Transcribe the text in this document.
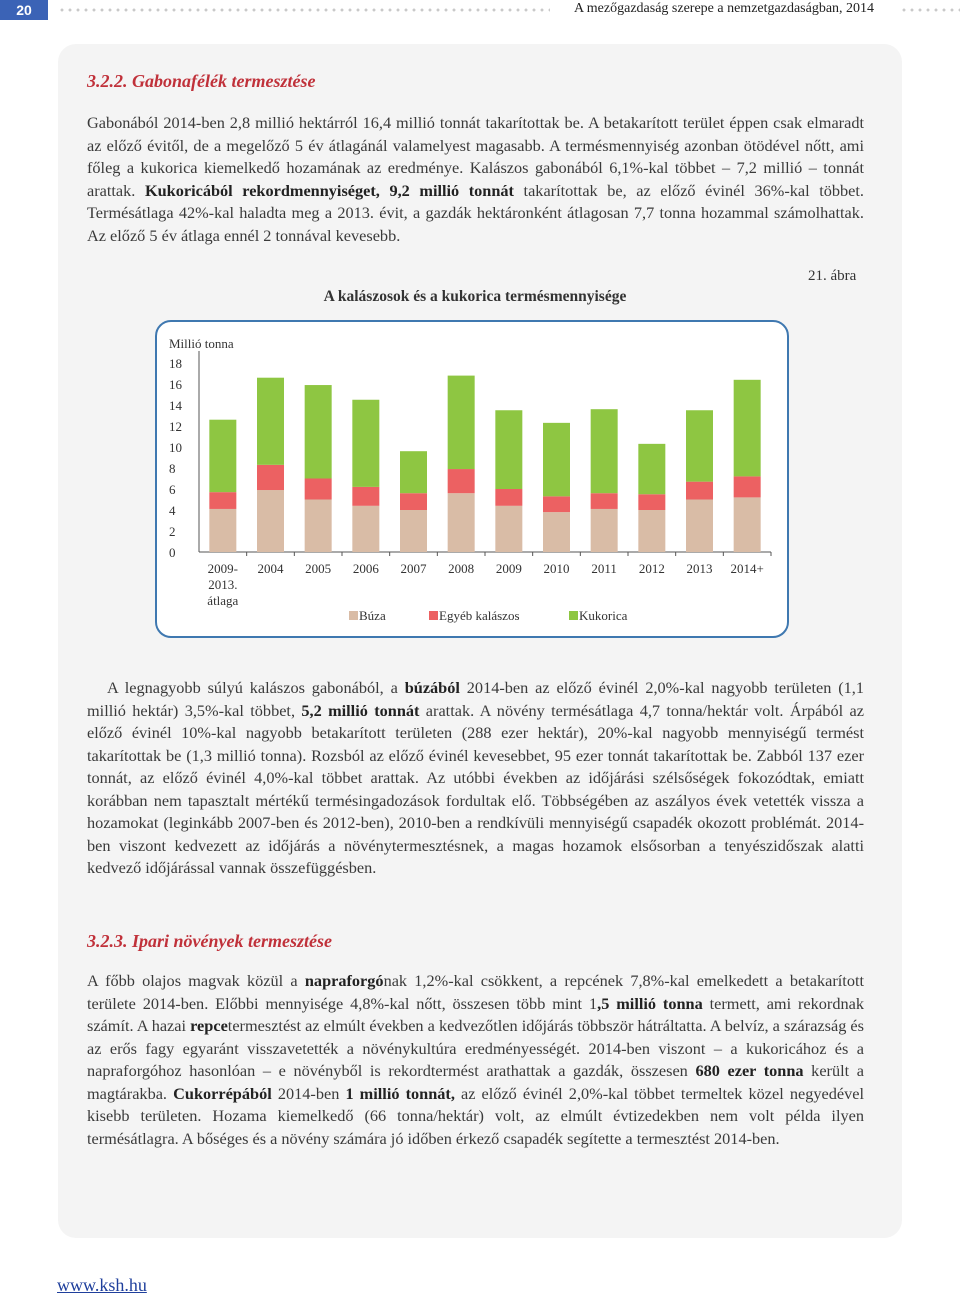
20	A mezőgazdaság szerepe a nemzetgazdaságban, 2014
3.2.2. Gabonafélék termesztése

Gabonából 2014-ben 2,8 millió hektárról 16,4 millió tonnát takarítottak be. A betakarított terület éppen csak elmaradt az előző évitől, de a megelőző 5 év átlagánál valamelyest magasabb. A termésmennyiség azonban ötödével nőtt, ami főleg a kukorica kiemelkedő hozamának az eredménye. Kalászos gabonából 6,1%-kal többet – 7,2 millió – tonnát arattak. Kukoricából rekordmennyiséget, 9,2 millió tonnát takarítottak be, az előző évinél 36%-kal többet. Termésátlaga 42%-kal haladta meg a 2013. évit, a gazdák hektáronként átlagosan 7,7 tonna hozammal számolhattak. Az előző 5 év átlaga ennél 2 tonnával kevesebb.

21. ábra
A kalászosok és a kukorica termésmennyisége
Millió tonna
0
2
4
6
8
10
12
14
16
18
2009-
2013.
átlaga
2004 2005 2006 2007 2008 2009 2010 2011 2012 2013 2014+
Búza	Egyéb kalászos	Kukorica

A legnagyobb súlyú kalászos gabonából, a búzából 2014-ben az előző évinél 2,0%-kal nagyobb területen (1,1 millió hektár) 3,5%-kal többet, 5,2 millió tonnát arattak. A növény termésátlaga 4,7 tonna/hektár volt. Árpából az előző évinél 10%-kal nagyobb betakarított területen (288 ezer hektár), 20%-kal nagyobb mennyiségű termést takarítottak be (1,3 millió tonna). Rozsból az előző évinél kevesebbet, 95 ezer tonnát takarítottak be. Zabból 137 ezer tonnát, az előző évinél 4,0%-kal többet arattak. Az utóbbi években az időjárási szélsőségek fokozódtak, emiatt korábban nem tapasztalt mértékű termésingadozások fordultak elő. Többségében az aszályos évek vetették vissza a hozamokat (leginkább 2007-ben és 2012-ben), 2010-ben a rendkívüli mennyiségű csapadék okozott problémát. 2014-ben viszont kedvezett az időjárás a növénytermesztésnek, a magas hozamok elsősorban a tenyészidőszak alatti kedvező időjárással vannak összefüggésben.

3.2.3. Ipari növények termesztése

A főbb olajos magvak közül a napraforgónak 1,2%-kal csökkent, a repcének 7,8%-kal emelkedett a betakarított területe 2014-ben. Előbbi mennyisége 4,8%-kal nőtt, összesen több mint 1,5 millió tonna termett, ami rekordnak számít. A hazai repcetermesztést az elmúlt években a kedvezőtlen időjárás többször hátráltatta. A belvíz, a szárazság és az erős fagy egyaránt visszavetették a növénykultúra eredményességét. 2014-ben viszont – a kukoricához és a napraforgóhoz hasonlóan – e növényből is rekordtermést arathattak a gazdák, összesen 680 ezer tonna került a magtárakba. Cukorrépából 2014-ben 1 millió tonnát, az előző évinél 2,0%-kal többet termeltek közel negyedével kisebb területen. Hozama kiemelkedő (66 tonna/hektár) volt, az elmúlt évtizedekben nem volt példa ilyen termésátlagra. A bőséges és a növény számára jó időben érkező csapadék segítette a termesztést 2014-ben.

www.ksh.hu
